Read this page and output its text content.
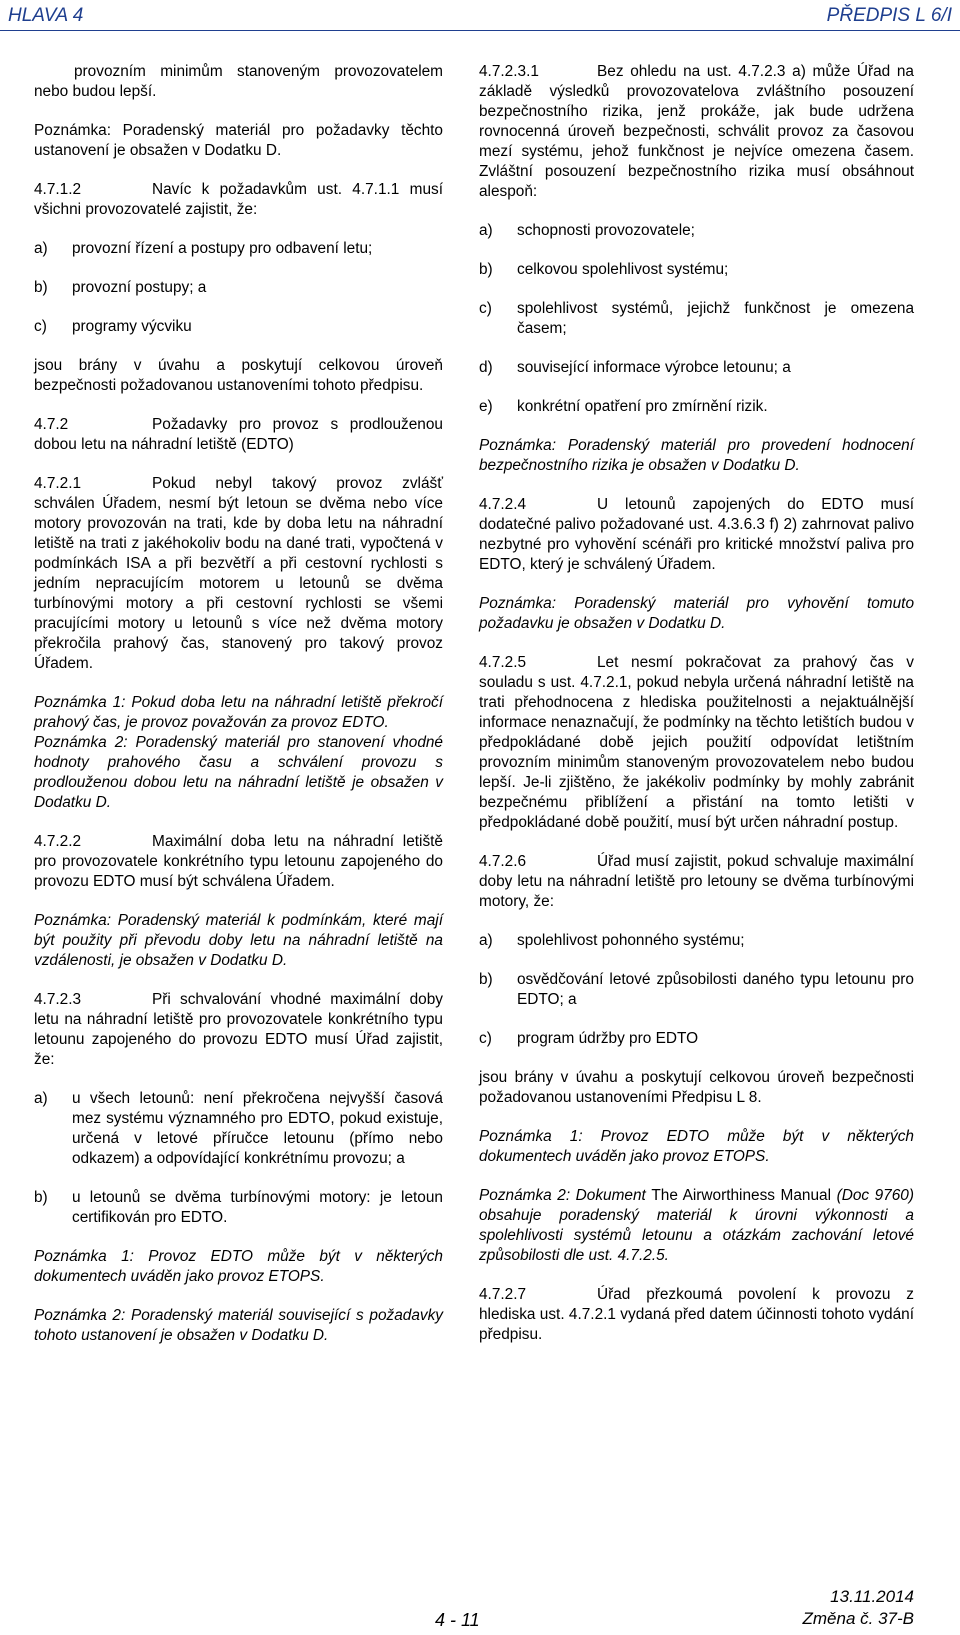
HLAVA 4	PŘEDPIS L 6/I
provozním minimům stanoveným provozovatelem nebo budou lepší.
Poznámka: Poradenský materiál pro požadavky těchto ustanovení je obsažen v Dodatku D.
4.7.1.2	Navíc k požadavkům ust. 4.7.1.1 musí všichni provozovatelé zajistit, že:
a)	provozní řízení a postupy pro odbavení letu;
b)	provozní postupy; a
c)	programy výcviku
jsou brány v úvahu a poskytují celkovou úroveň bezpečnosti požadovanou ustanoveními tohoto předpisu.
4.7.2	Požadavky pro provoz s prodlouženou dobou letu na náhradní letiště (EDTO)
4.7.2.1	Pokud nebyl takový provoz zvlášť schválen Úřadem, nesmí být letoun se dvěma nebo více motory provozován na trati, kde by doba letu na náhradní letiště na trati z jakéhokoliv bodu na dané trati, vypočtená v podmínkách ISA a při bezvětří a při cestovní rychlosti s jedním nepracujícím motorem u letounů se dvěma turbínovými motory a při cestovní rychlosti se všemi pracujícími motory u letounů s více než dvěma motory překročila prahový čas, stanovený pro takový provoz Úřadem.
Poznámka 1: Pokud doba letu na náhradní letiště překročí prahový čas, je provoz považován za provoz EDTO.
Poznámka 2: Poradenský materiál pro stanovení vhodné hodnoty prahového času a schválení provozu s prodlouženou dobou letu na náhradní letiště je obsažen v Dodatku D.
4.7.2.2	Maximální doba letu na náhradní letiště pro provozovatele konkrétního typu letounu zapojeného do provozu EDTO musí být schválena Úřadem.
Poznámka: Poradenský materiál k podmínkám, které mají být použity při převodu doby letu na náhradní letiště na vzdálenosti, je obsažen v Dodatku D.
4.7.2.3	Při schvalování vhodné maximální doby letu na náhradní letiště pro provozovatele konkrétního typu letounu zapojeného do provozu EDTO musí Úřad zajistit, že:
a)	u všech letounů: není překročena nejvyšší časová mez systému významného pro EDTO, pokud existuje, určená v letové příručce letounu (přímo nebo odkazem) a odpovídající konkrétnímu provozu; a
b)	u letounů se dvěma turbínovými motory: je letoun certifikován pro EDTO.
Poznámka 1: Provoz EDTO může být v některých dokumentech uváděn jako provoz ETOPS.
Poznámka 2: Poradenský materiál související s požadavky tohoto ustanovení je obsažen v Dodatku D.
4.7.2.3.1	Bez ohledu na ust. 4.7.2.3 a) může Úřad na základě výsledků provozovatelova zvláštního posouzení bezpečnostního rizika, jenž prokáže, jak bude udržena rovnocenná úroveň bezpečnosti, schválit provoz za časovou mezí systému, jehož funkčnost je nejvíce omezena časem. Zvláštní posouzení bezpečnostního rizika musí obsáhnout alespoň:
a)	schopnosti provozovatele;
b)	celkovou spolehlivost systému;
c)	spolehlivost systémů, jejichž funkčnost je omezena časem;
d)	související informace výrobce letounu; a
e)	konkrétní opatření pro zmírnění rizik.
Poznámka: Poradenský materiál pro provedení hodnocení bezpečnostního rizika je obsažen v Dodatku D.
4.7.2.4	U letounů zapojených do EDTO musí dodatečné palivo požadované ust. 4.3.6.3 f) 2) zahrnovat palivo nezbytné pro vyhovění scénáři pro kritické množství paliva pro EDTO, který je schválený Úřadem.
Poznámka: Poradenský materiál pro vyhovění tomuto požadavku je obsažen v Dodatku D.
4.7.2.5	Let nesmí pokračovat za prahový čas v souladu s ust. 4.7.2.1, pokud nebyla určená náhradní letiště na trati přehodnocena z hlediska použitelnosti a nejaktuálnější informace nenaznačují, že podmínky na těchto letištích budou v předpokládané době jejich použití odpovídat letištním provozním minimům stanoveným provozovatelem nebo budou lepší. Je-li zjištěno, že jakékoliv podmínky by mohly zabránit bezpečnému přiblížení a přistání na tomto letišti v předpokládané době použití, musí být určen náhradní postup.
4.7.2.6	Úřad musí zajistit, pokud schvaluje maximální doby letu na náhradní letiště pro letouny se dvěma turbínovými motory, že:
a)	spolehlivost pohonného systému;
b)	osvědčování letové způsobilosti daného typu letounu pro EDTO; a
c)	program údržby pro EDTO
jsou brány v úvahu a poskytují celkovou úroveň bezpečnosti požadovanou ustanoveními Předpisu L 8.
Poznámka 1: Provoz EDTO může být v některých dokumentech uváděn jako provoz ETOPS.
Poznámka 2: Dokument The Airworthiness Manual (Doc 9760) obsahuje poradenský materiál k úrovni výkonnosti a spolehlivosti systémů letounu a otázkám zachování letové způsobilosti dle ust. 4.7.2.5.
4.7.2.7	Úřad přezkoumá povolení k provozu z hlediska ust. 4.7.2.1 vydaná před datem účinnosti tohoto vydání předpisu.
4 - 11
13.11.2014
Změna č. 37-B
